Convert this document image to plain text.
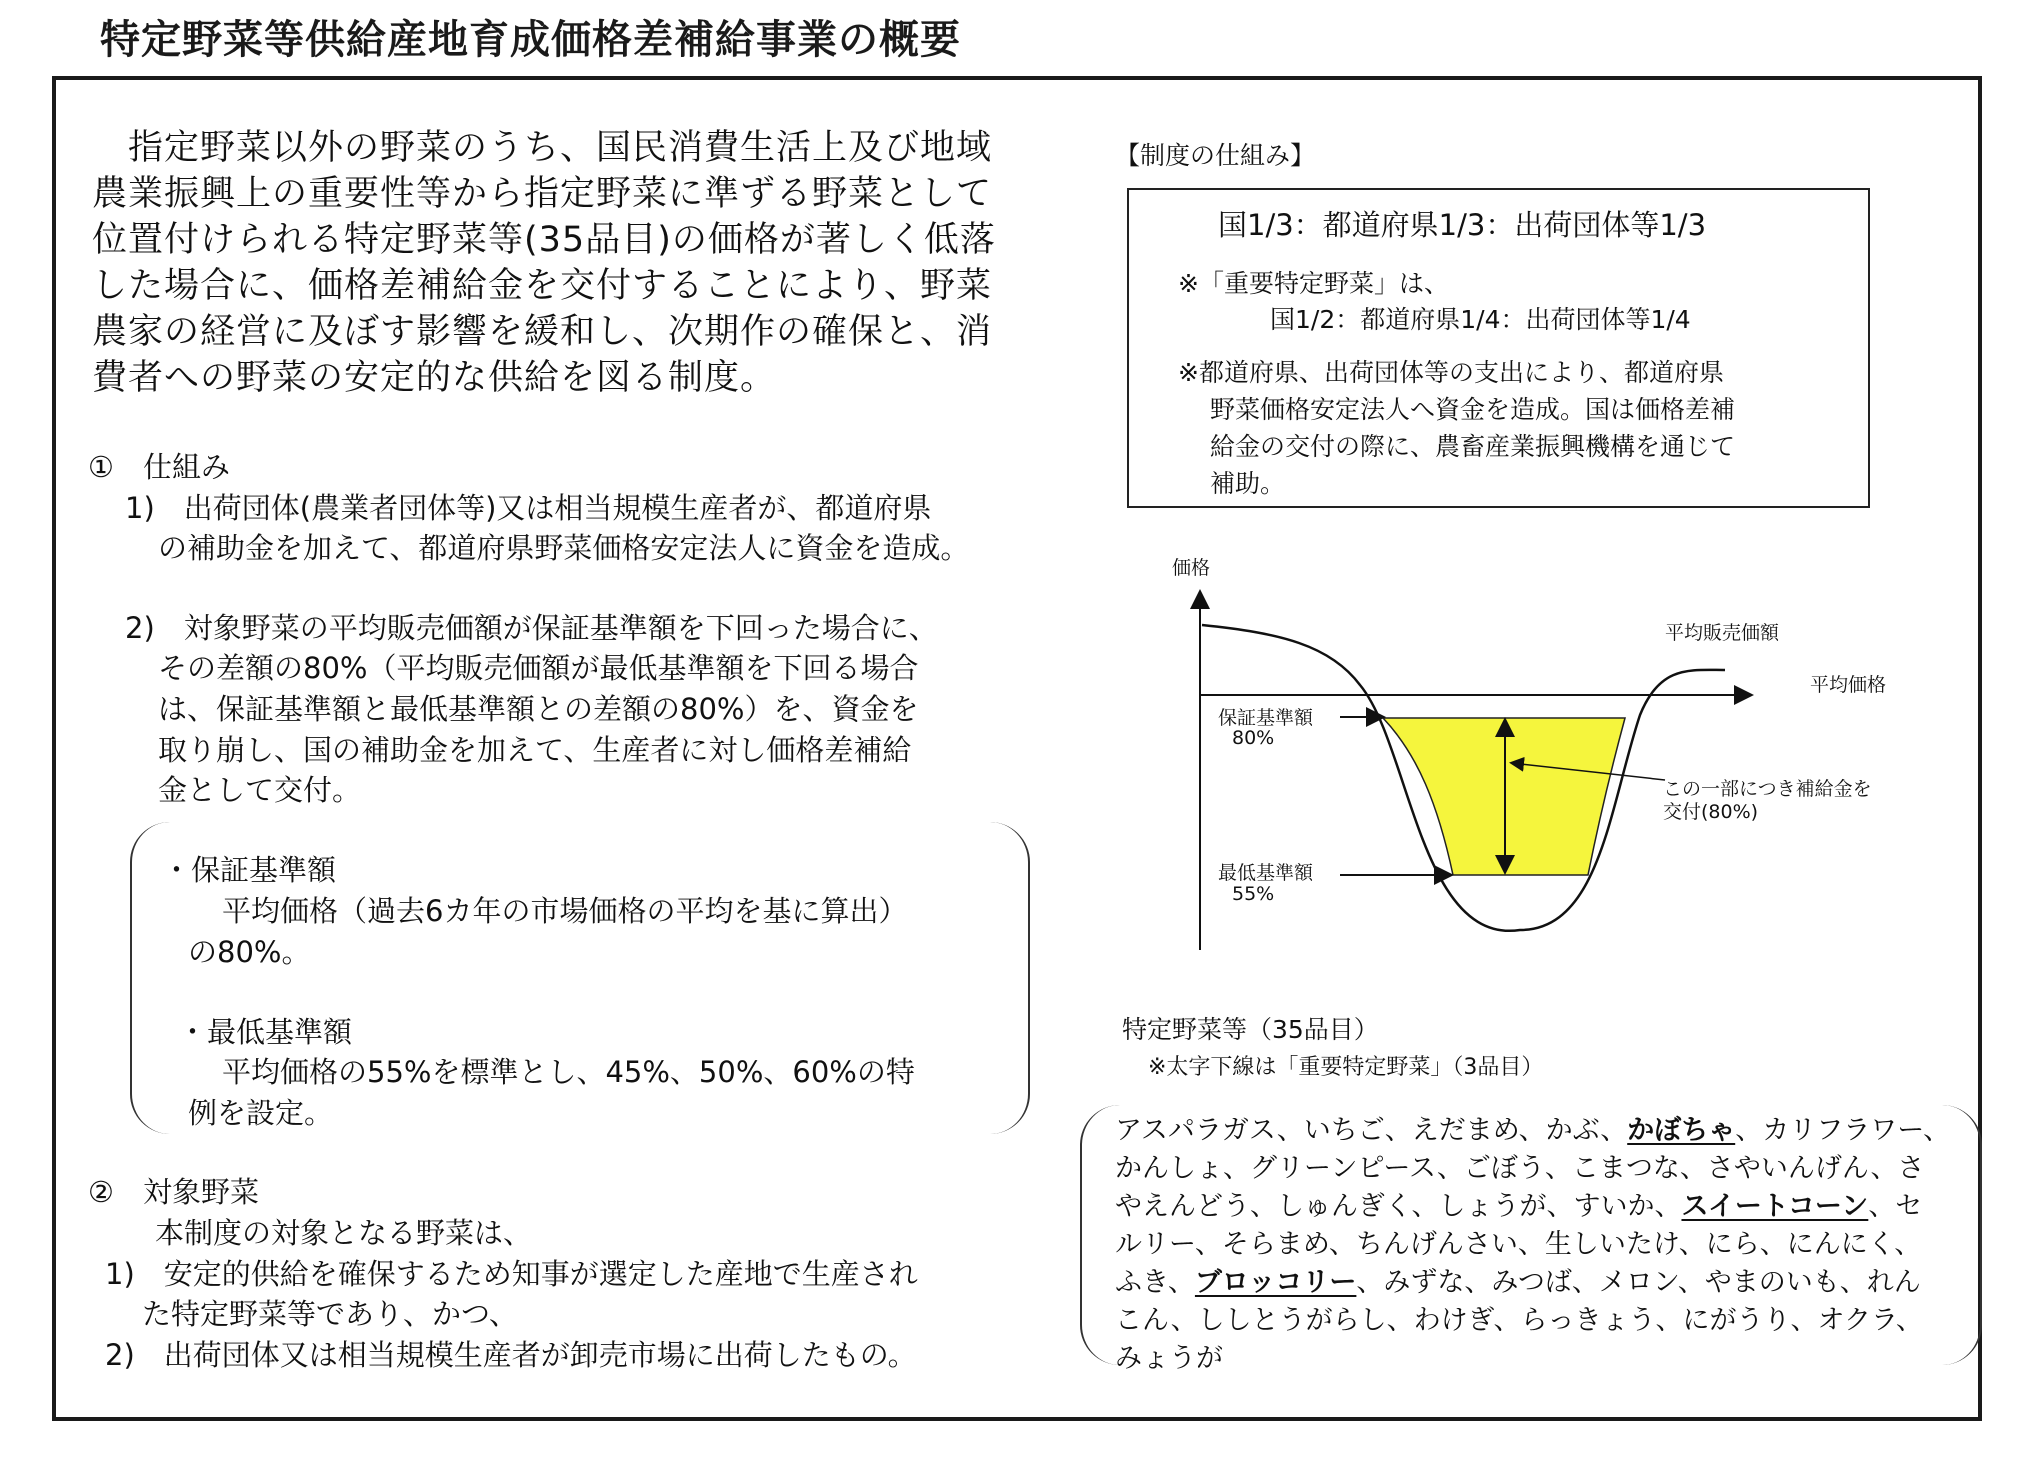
特定野菜等供給産地育成価格差補給事業の概要
　指定野菜以外の野菜のうち、国民消費生活上及び地域
農業振興上の重要性等から指定野菜に準ずる野菜として
位置付けられる特定野菜等(35品目)の価格が著しく低落
した場合に、価格差補給金を交付することにより、野菜
農家の経営に及ぼす影響を緩和し、次期作の確保と、消
費者への野菜の安定的な供給を図る制度。
①　仕組み
1)　出荷団体(農業者団体等)又は相当規模生産者が、都道府県
の補助金を加えて、都道府県野菜価格安定法人に資金を造成。
2)　対象野菜の平均販売価額が保証基準額を下回った場合に、
その差額の80%（平均販売価額が最低基準額を下回る場合
は、保証基準額と最低基準額との差額の80%）を、資金を
取り崩し、国の補助金を加えて、生産者に対し価格差補給
金として交付。
・保証基準額
平均価格（過去6カ年の市場価格の平均を基に算出）
の80%。
・最低基準額
平均価格の55%を標準とし、45%、50%、60%の特
例を設定。
②　対象野菜
本制度の対象となる野菜は、
1)　安定的供給を確保するため知事が選定した産地で生産され
た特定野菜等であり、かつ、
2)　出荷団体又は相当規模生産者が卸売市場に出荷したもの。
【制度の仕組み】
国1/3：都道府県1/3：出荷団体等1/3
※「重要特定野菜」は、
国1/2：都道府県1/4：出荷団体等1/4
※都道府県、出荷団体等の支出により、都道府県
野菜価格安定法人へ資金を造成。国は価格差補
給金の交付の際に、農畜産業振興機構を通じて
補助。
価格
平均販売価額
平均価格
保証基準額
80%
最低基準額
55%
この一部につき補給金を
交付(80%)
特定野菜等（35品目）
※太字下線は「重要特定野菜」（3品目）
アスパラガス、いちご、えだまめ、かぶ、かぼちゃ、カリフラワー、
かんしょ、グリーンピース、ごぼう、こまつな、さやいんげん、さ
やえんどう、しゅんぎく、しょうが、すいか、スイートコーン、セ
ルリー、そらまめ、ちんげんさい、生しいたけ、にら、にんにく、
ふき、ブロッコリー、みずな、みつば、メロン、やまのいも、れん
こん、ししとうがらし、わけぎ、らっきょう、にがうり、オクラ、
みょうが
